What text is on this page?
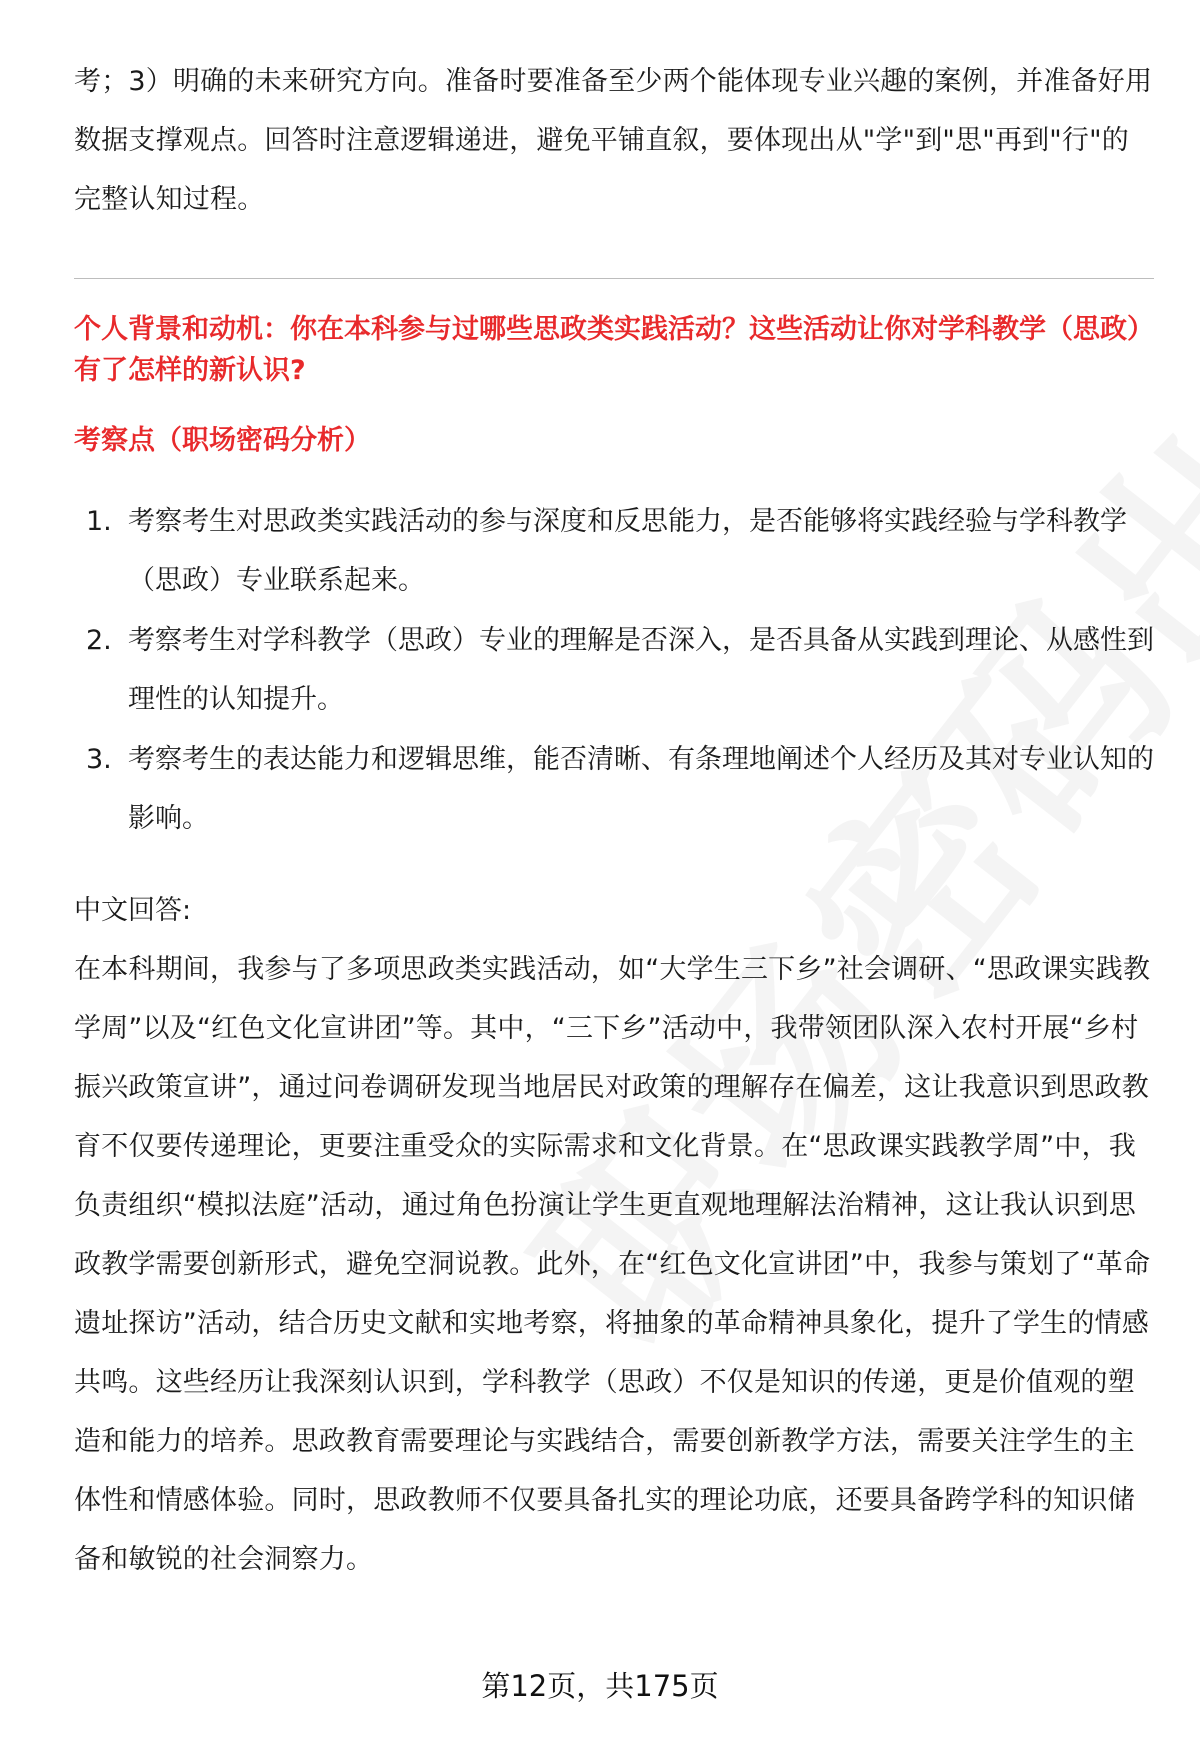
考；3）明确的未来研究方向。准备时要准备至少两个能体现专业兴趣的案例，并准备好用数据支撑观点。回答时注意逻辑递进，避免平铺直叙，要体现出从"学"到"思"再到"行"的完整认知过程。

个人背景和动机：你在本科参与过哪些思政类实践活动？这些活动让你对学科教学（思政）有了怎样的新认识?
考察点（职场密码分析）
1. 考察考生对思政类实践活动的参与深度和反思能力，是否能够将实践经验与学科教学（思政）专业联系起来。
2. 考察考生对学科教学（思政）专业的理解是否深入，是否具备从实践到理论、从感性到理性的认知提升。
3. 考察考生的表达能力和逻辑思维，能否清晰、有条理地阐述个人经历及其对专业认知的影响。
中文回答:

在本科期间，我参与了多项思政类实践活动，如“大学生三下乡”社会调研、“思政课实践教学周”以及“红色文化宣讲团”等。其中，“三下乡”活动中，我带领团队深入农村开展“乡村振兴政策宣讲”，通过问卷调研发现当地居民对政策的理解存在偏差，这让我意识到思政教育不仅要传递理论，更要注重受众的实际需求和文化背景。在“思政课实践教学周”中，我负责组织“模拟法庭”活动，通过角色扮演让学生更直观地理解法治精神，这让我认识到思政教学需要创新形式，避免空洞说教。此外，在“红色文化宣讲团”中，我参与策划了“革命遗址探访”活动，结合历史文献和实地考察，将抽象的革命精神具象化，提升了学生的情感共鸣。这些经历让我深刻认识到，学科教学（思政）不仅是知识的传递，更是价值观的塑造和能力的培养。思政教育需要理论与实践结合，需要创新教学方法，需要关注学生的主体性和情感体验。同时，思政教师不仅要具备扎实的理论功底，还要具备跨学科的知识储备和敏锐的社会洞察力。

第12页，共175页
